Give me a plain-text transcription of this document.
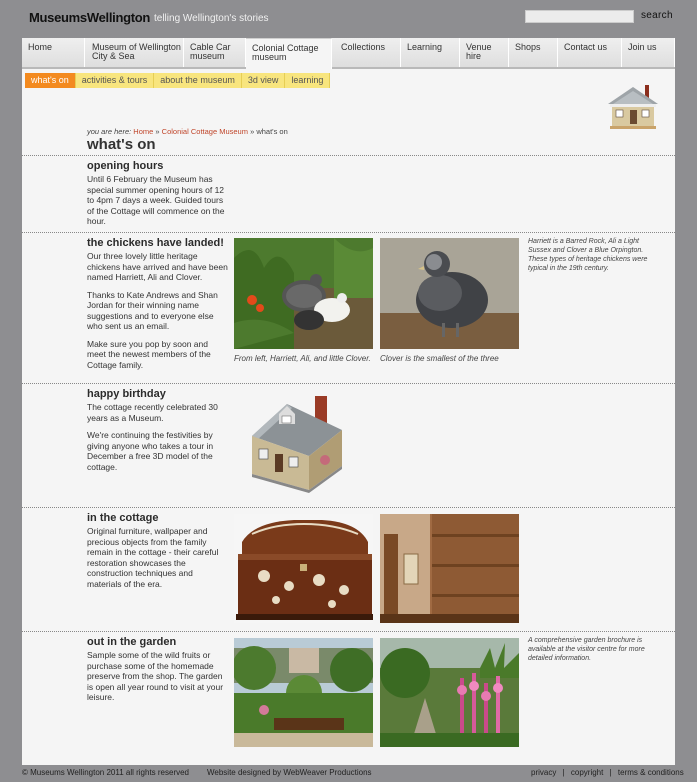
MuseumsWellington telling Wellington's stories	search
Home	Museum of Wellington City & Sea
Cable Car museum
Colonial Cottage museum
Collections	Learning	Venue hire
Shops	Contact us	Join us
what's on	activities & tours	about the museum	3d view	learning
you are here: Home » Colonial Cottage Museum » what's on
what's on
opening hours

Until 6 February the Museum has special summer opening hours of 12 to 4pm 7 days a week. Guided tours of the Cottage will commence on the hour.

the chickens have landed!

Our three lovely little heritage chickens have arrived and have been named Harriett, Ali and Clover.

Thanks to Kate Andrews and Shan Jordan for their winning name suggestions and to everyone else who sent us an email.

Make sure you pop by soon and meet the newest members of the Cottage family.

From left, Harriett, Ali, and little Clover. Clover is the smallest of the three
Harriett is a Barred Rock, Ali a Light Sussex and Clover a Blue Orpington. These types of heritage chickens were typical in the 19th century.
happy birthday

The cottage recently celebrated 30 years as a Museum.

We're continuing the festivities by giving anyone who takes a tour in December a free 3D model of the cottage.

in the cottage

Original furniture, wallpaper and precious objects from the family remain in the cottage - their careful restoration showcases the construction techniques and materials of the era.

out in the garden

Sample some of the wild fruits or purchase some of the homemade preserve from the shop. The garden is open all year round to visit at your leisure.

A comprehensive garden brochure is available at the visitor centre for more detailed information.
© Museums Wellington 2011 all rights reserved Website designed by WebWeaver Productions	privacy | copyright | terms & conditions
